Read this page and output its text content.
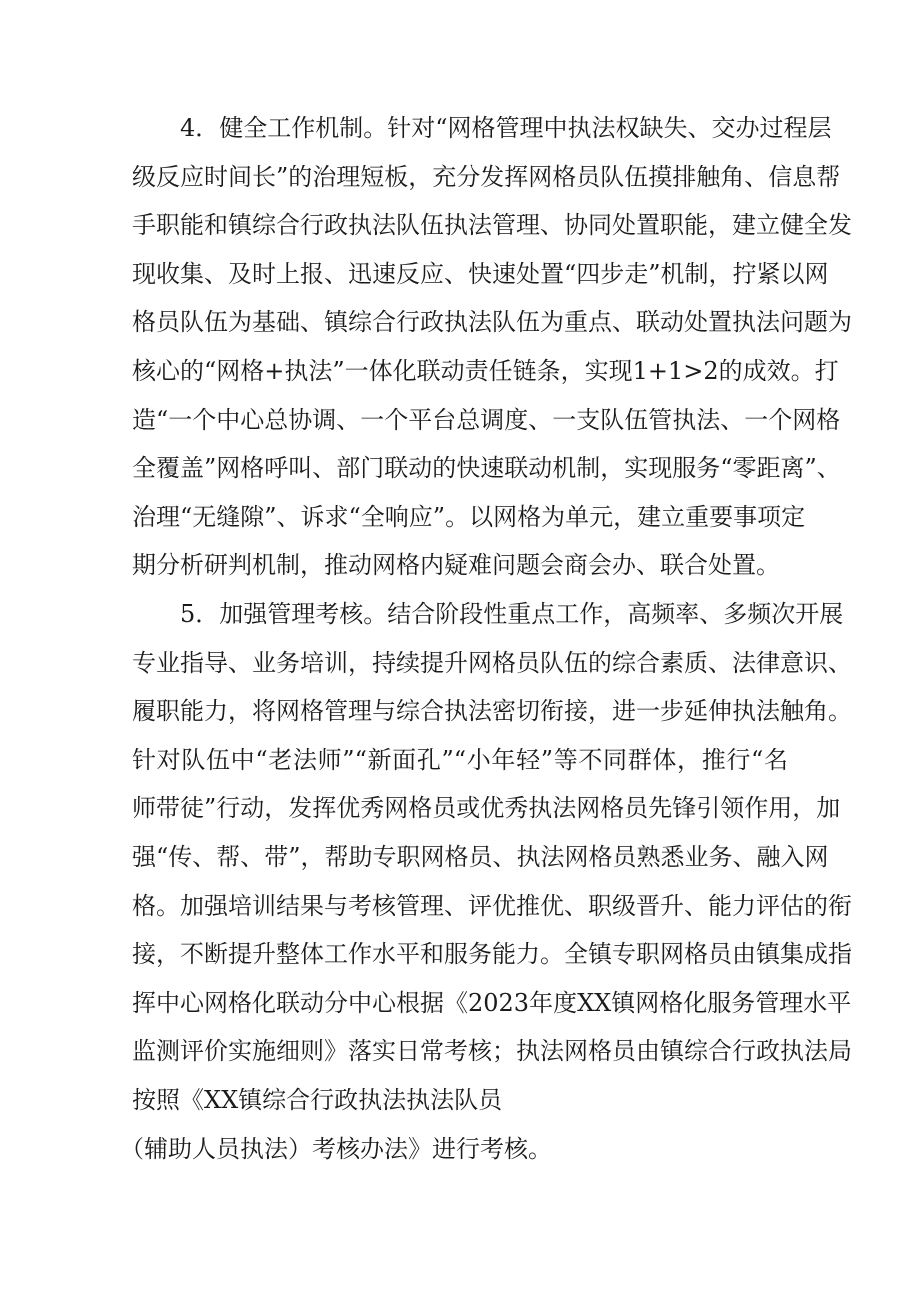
4．健全工作机制。针对“网格管理中执法权缺失、交办过程层
级反应时间长”的治理短板，充分发挥网格员队伍摸排触角、信息帮
手职能和镇综合行政执法队伍执法管理、协同处置职能，建立健全发
现收集、及时上报、迅速反应、快速处置“四步走”机制，拧紧以网
格员队伍为基础、镇综合行政执法队伍为重点、联动处置执法问题为
核心的“网格+执法”一体化联动责任链条，实现1+1>2的成效。打
造“一个中心总协调、一个平台总调度、一支队伍管执法、一个网格
全覆盖”网格呼叫、部门联动的快速联动机制，实现服务“零距离”、
治理“无缝隙”、诉求“全响应”。以网格为单元，建立重要事项定
期分析研判机制，推动网格内疑难问题会商会办、联合处置。
5．加强管理考核。结合阶段性重点工作，高频率、多频次开展
专业指导、业务培训，持续提升网格员队伍的综合素质、法律意识、
履职能力，将网格管理与综合执法密切衔接，进一步延伸执法触角。
针对队伍中“老法师”“新面孔”“小年轻”等不同群体，推行“名
师带徒”行动，发挥优秀网格员或优秀执法网格员先锋引领作用，加
强“传、帮、带”，帮助专职网格员、执法网格员熟悉业务、融入网
格。加强培训结果与考核管理、评优推优、职级晋升、能力评估的衔
接，不断提升整体工作水平和服务能力。全镇专职网格员由镇集成指
挥中心网格化联动分中心根据《2023年度XX镇网格化服务管理水平
监测评价实施细则》落实日常考核；执法网格员由镇综合行政执法局
按照《XX镇综合行政执法执法队员
（辅助人员执法）考核办法》进行考核。
